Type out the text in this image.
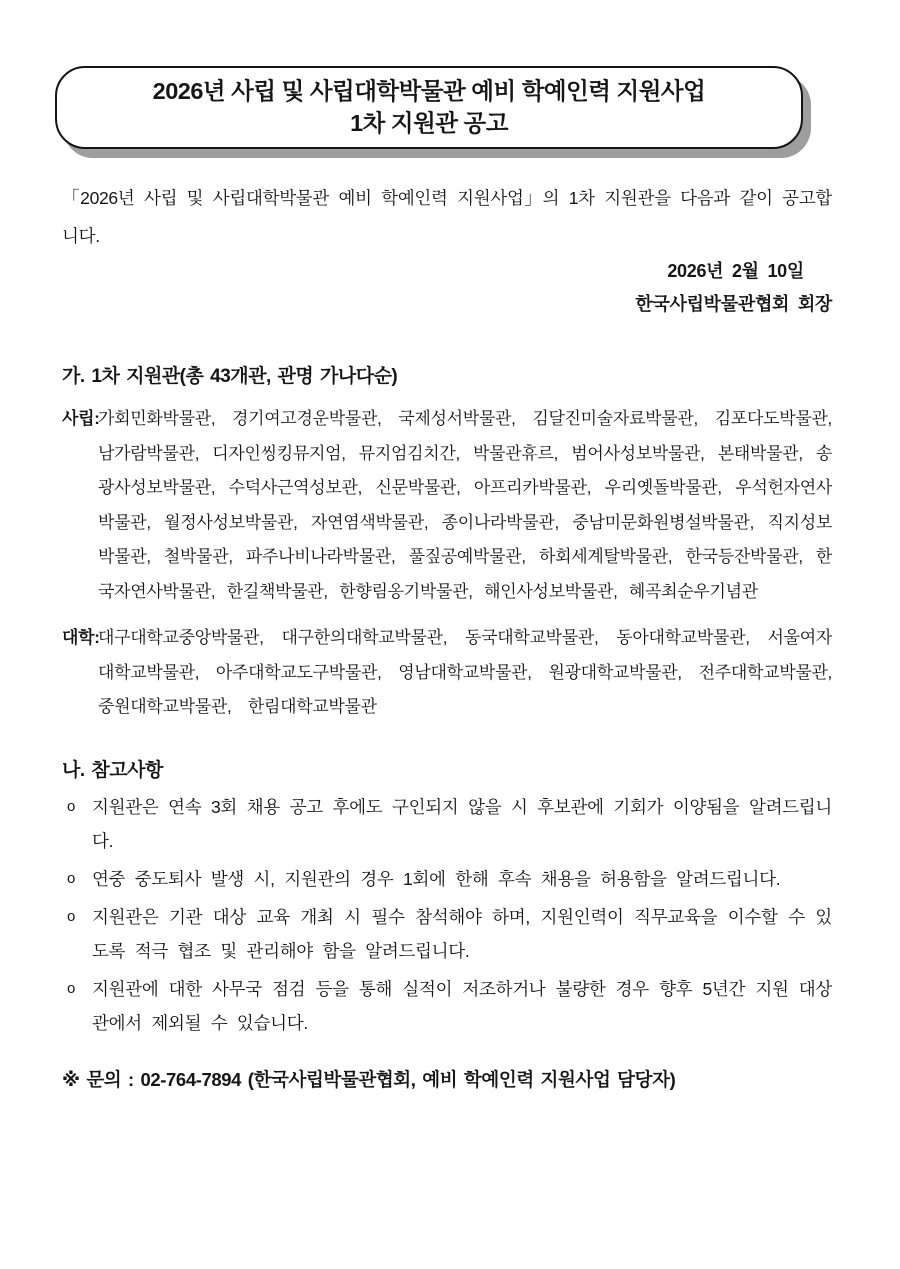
2026년 사립 및 사립대학박물관 예비 학예인력 지원사업
1차 지원관 공고

「2026년 사립 및 사립대학박물관 예비 학예인력 지원사업」의 1차 지원관을 다음과 같이 공고합니다.

2026년 2월 10일
한국사립박물관협회 회장
가. 1차 지원관(총 43개관, 관명 가나다순)
사립:
가회민화박물관, 경기여고경운박물관, 국제성서박물관, 김달진미술자료박물관, 김포다도박물관, 남가람박물관, 디자인씽킹뮤지엄, 뮤지엄김치간, 박물관휴르, 범어사성보박물관, 본태박물관, 송광사성보박물관, 수덕사근역성보관, 신문박물관, 아프리카박물관, 우리옛돌박물관, 우석헌자연사박물관, 월정사성보박물관, 자연염색박물관, 종이나라박물관, 중남미문화원병설박물관, 직지성보박물관, 철박물관, 파주나비나라박물관, 풀짚공예박물관, 하회세계탈박물관, 한국등잔박물관, 한국자연사박물관, 한길책박물관, 한향림옹기박물관, 해인사성보박물관, 혜곡최순우기념관
대학:
대구대학교중앙박물관, 대구한의대학교박물관, 동국대학교박물관, 동아대학교박물관, 서울여자대학교박물관, 아주대학교도구박물관, 영남대학교박물관, 원광대학교박물관, 전주대학교박물관, 중원대학교박물관, 한림대학교박물관
나. 참고사항
o 지원관은 연속 3회 채용 공고 후에도 구인되지 않을 시 후보관에 기회가 이양됨을 알려드립니다.
o 연중 중도퇴사 발생 시, 지원관의 경우 1회에 한해 후속 채용을 허용함을 알려드립니다.
o 지원관은 기관 대상 교육 개최 시 필수 참석해야 하며, 지원인력이 직무교육을 이수할 수 있도록 적극 협조 및 관리해야 함을 알려드립니다.
o 지원관에 대한 사무국 점검 등을 통해 실적이 저조하거나 불량한 경우 향후 5년간 지원 대상관에서 제외될 수 있습니다.

※ 문의 : 02-764-7894 (한국사립박물관협회, 예비 학예인력 지원사업 담당자)
